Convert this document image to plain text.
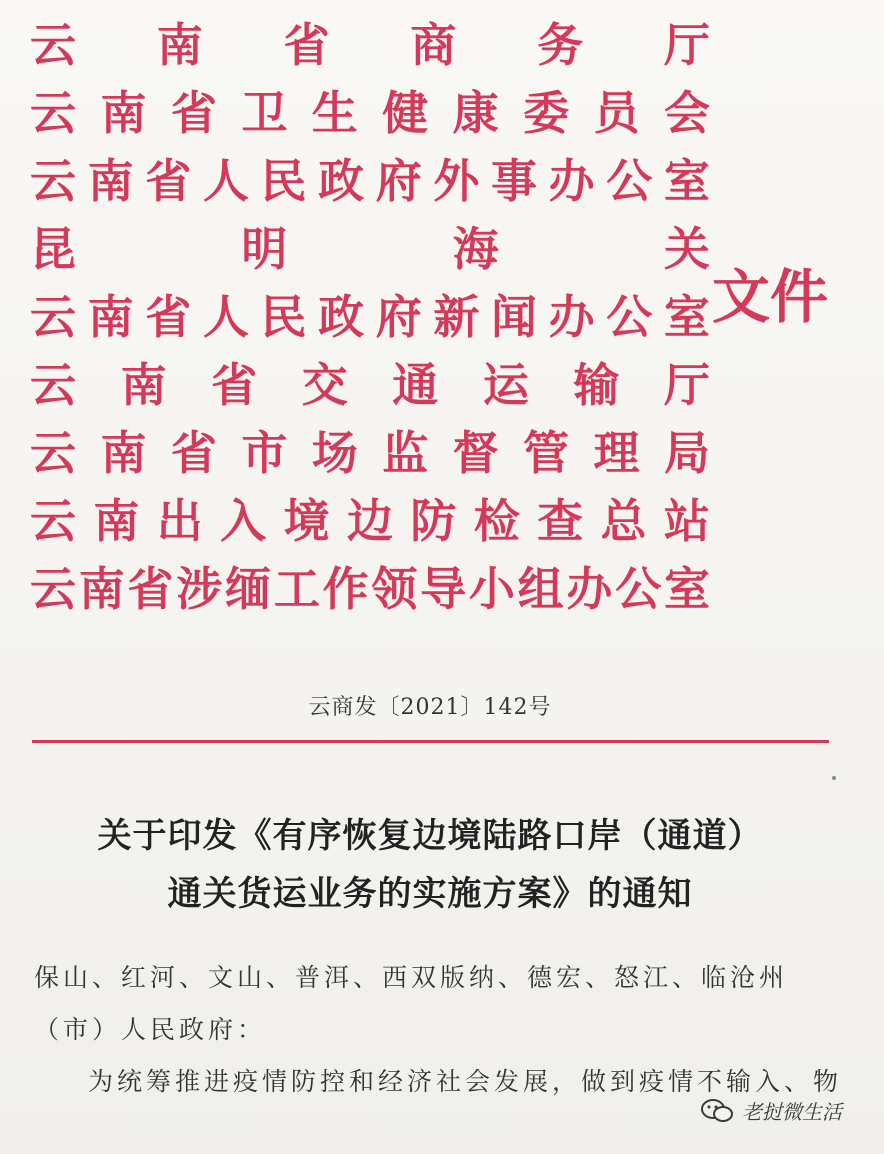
云 南 省 商 务 厅
云 南 省 卫 生 健 康 委 员 会
云 南 省 人 民 政 府 外 事 办 公 室
昆	明	海	关
云 南 省 人 民 政 府 新 闻 办 公 室
云 南 省 交 通 运 输 厅
云 南 省 市 场 监 督 管 理 局
云 南 出 入 境 边 防 检 查 总 站
云 南 省 涉 缅 工 作 领 导 小 组 办 公 室
文件
云商发〔2021〕142号
关于印发《有序恢复边境陆路口岸（通道）
通关货运业务的实施方案》的通知
保山、红河、文山、普洱、西双版纳、德宏、怒江、临沧州
（市）人民政府：
为统筹推进疫情防控和经济社会发展，做到疫情不输入、物
老挝微生活
